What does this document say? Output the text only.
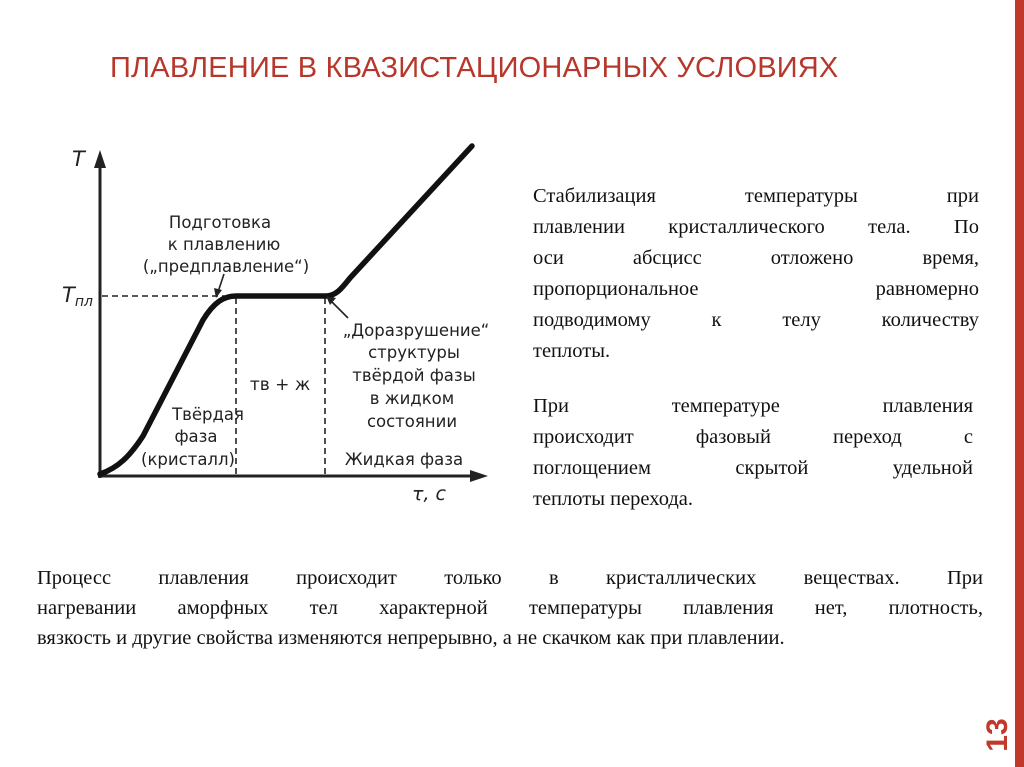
ПЛАВЛЕНИЕ В КВАЗИСТАЦИОНАРНЫХ УСЛОВИЯХ
T
Tпл
τ, с
Подготовка
к плавлению
(„предплавление“)
Твёрдая
фаза
(кристалл)
тв + ж
„Доразрушение“
структуры
твёрдой фазы
в жидком
состоянии
Жидкая фаза
Стабилизация температуры при
плавлении кристаллического тела. По
оси абсцисс отложено время,
пропорциональное равномерно
подводимому к телу количеству
теплоты.
При температуре плавления
происходит фазовый переход с
поглощением скрытой удельной
теплоты перехода.
Процесс плавления происходит только в кристаллических веществах. При
нагревании аморфных тел характерной температуры плавления нет, плотность,
вязкость и другие свойства изменяются непрерывно, а не скачком как при плавлении.
13
